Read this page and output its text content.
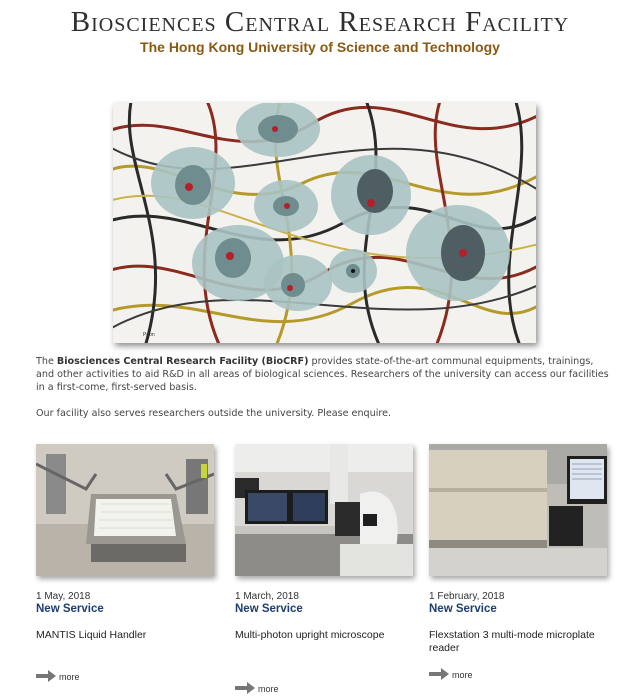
Biosciences Central Research Facility
The Hong Kong University of Science and Technology
Poon

The Biosciences Central Research Facility (BioCRF) provides state-of-the-art communal equipments, trainings, and other activities to aid R&D in all areas of biological sciences. Researchers of the university can access our facilities in a first-come, first-served basis.

Our facility also serves researchers outside the university. Please enquire.

1 May, 2018
New Service
MANTIS Liquid Handler
more
1 March, 2018
New Service
Multi-photon upright microscope
more
1 February, 2018
New Service
Flexstation 3 multi-mode microplate reader
more
